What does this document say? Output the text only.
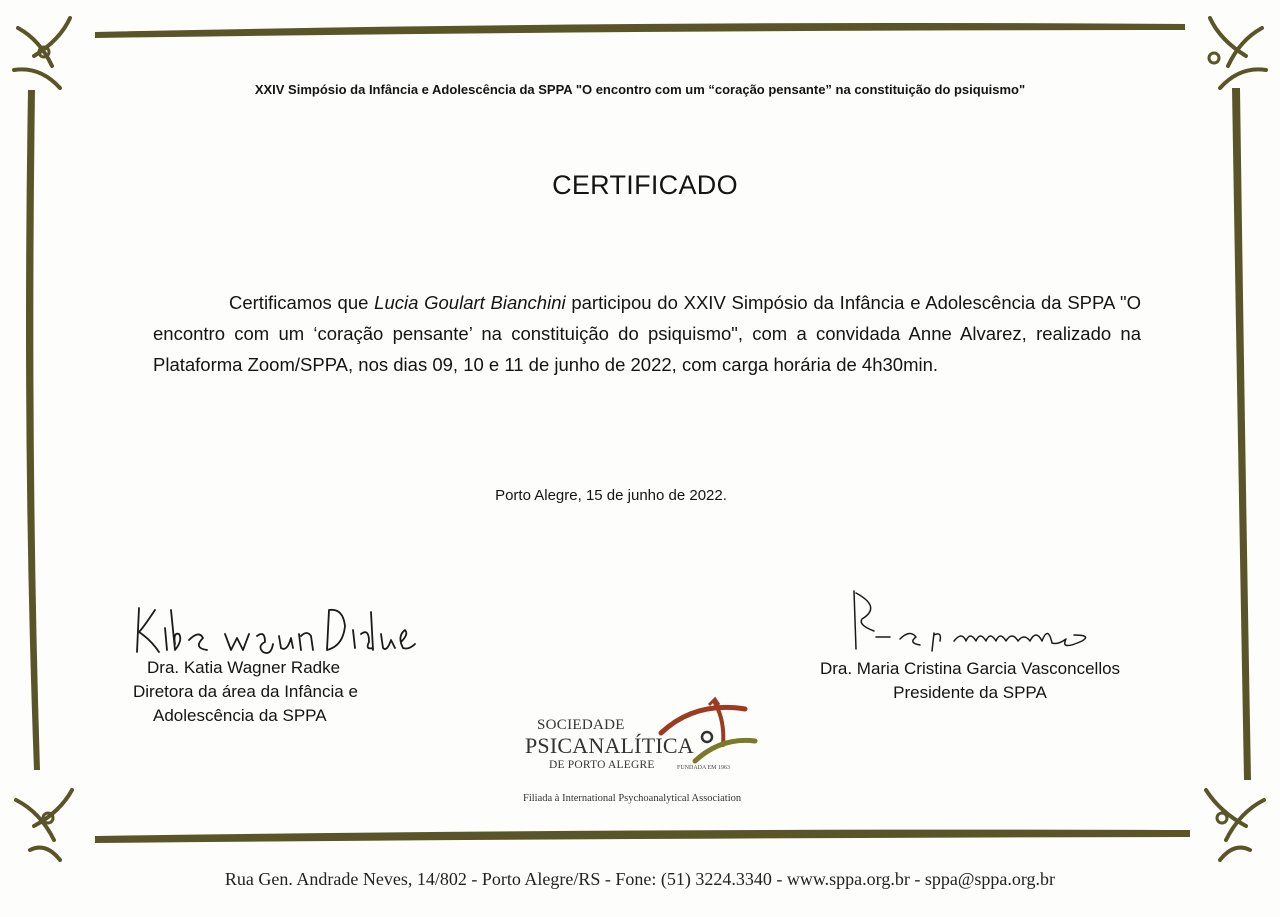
XXIV Simpósio da Infância e Adolescência da SPPA "O encontro com um “coração pensante” na constituição do psiquismo"
CERTIFICADO
Certificamos que Lucia Goulart Bianchini participou do XXIV Simpósio da Infância e Adolescência da SPPA "O encontro com um ‘coração pensante’ na constituição do psiquismo", com a convidada Anne Alvarez, realizado na Plataforma Zoom/SPPA, nos dias 09, 10 e 11 de junho de 2022, com carga horária de 4h30min.
Porto Alegre, 15 de junho de 2022.
Dra. Katia Wagner Radke
Diretora da área da Infância e
Adolescência da SPPA
Dra. Maria Cristina Garcia Vasconcellos
Presidente da SPPA
SOCIEDADE
PSICANALÍTICA
DE PORTO ALEGRE	FUNDADA EM 1963
Filiada à International Psychoanalytical Association
Rua Gen. Andrade Neves, 14/802 - Porto Alegre/RS - Fone: (51) 3224.3340 - www.sppa.org.br - sppa@sppa.org.br
